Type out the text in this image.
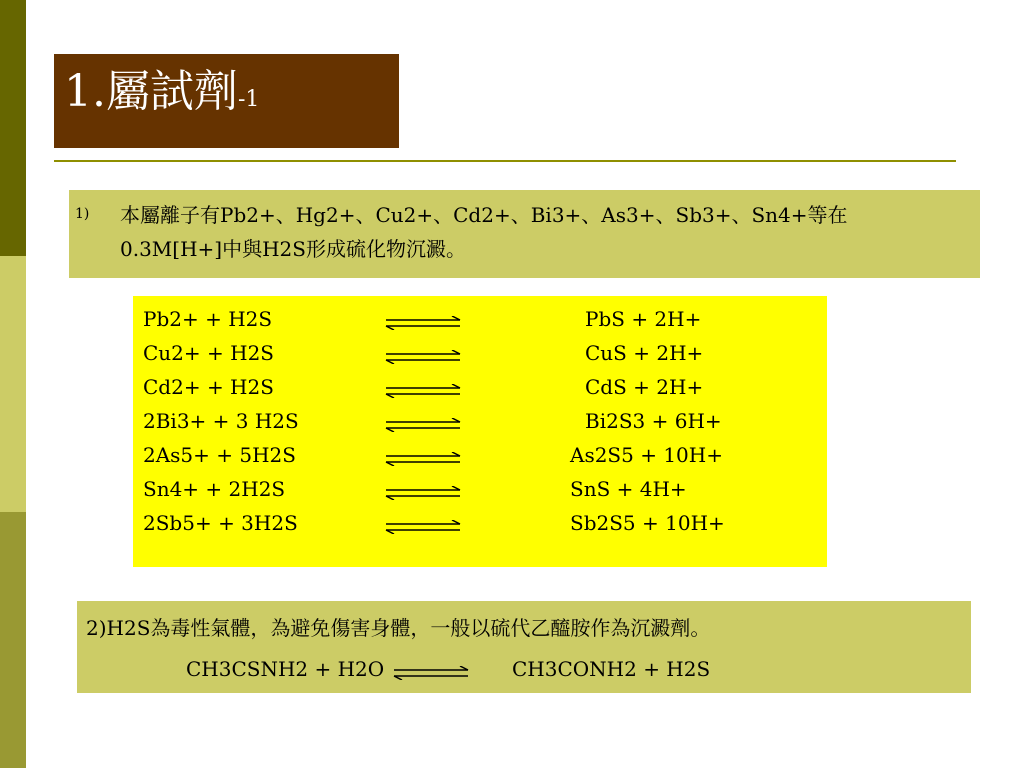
1.屬試劑-1
1) 本屬離子有Pb2+、Hg2+、Cu2+、Cd2+、Bi3+、As3+、Sb3+、Sn4+等在
0.3M[H+]中與H2S形成硫化物沉澱。
Pb2+ + H2S	PbS + 2H+
Cu2+ + H2S	CuS + 2H+
Cd2+ + H2S	CdS + 2H+
2Bi3+ + 3 H2S	Bi2S3 + 6H+
2As5+ + 5H2S	As2S5 + 10H+
Sn4+ + 2H2S	SnS + 4H+
2Sb5+ + 3H2S	Sb2S5 + 10H+
2)H2S為毒性氣體，為避免傷害身體，一般以硫代乙醯胺作為沉澱劑。
CH3CSNH2 + H2O	CH3CONH2 + H2S
